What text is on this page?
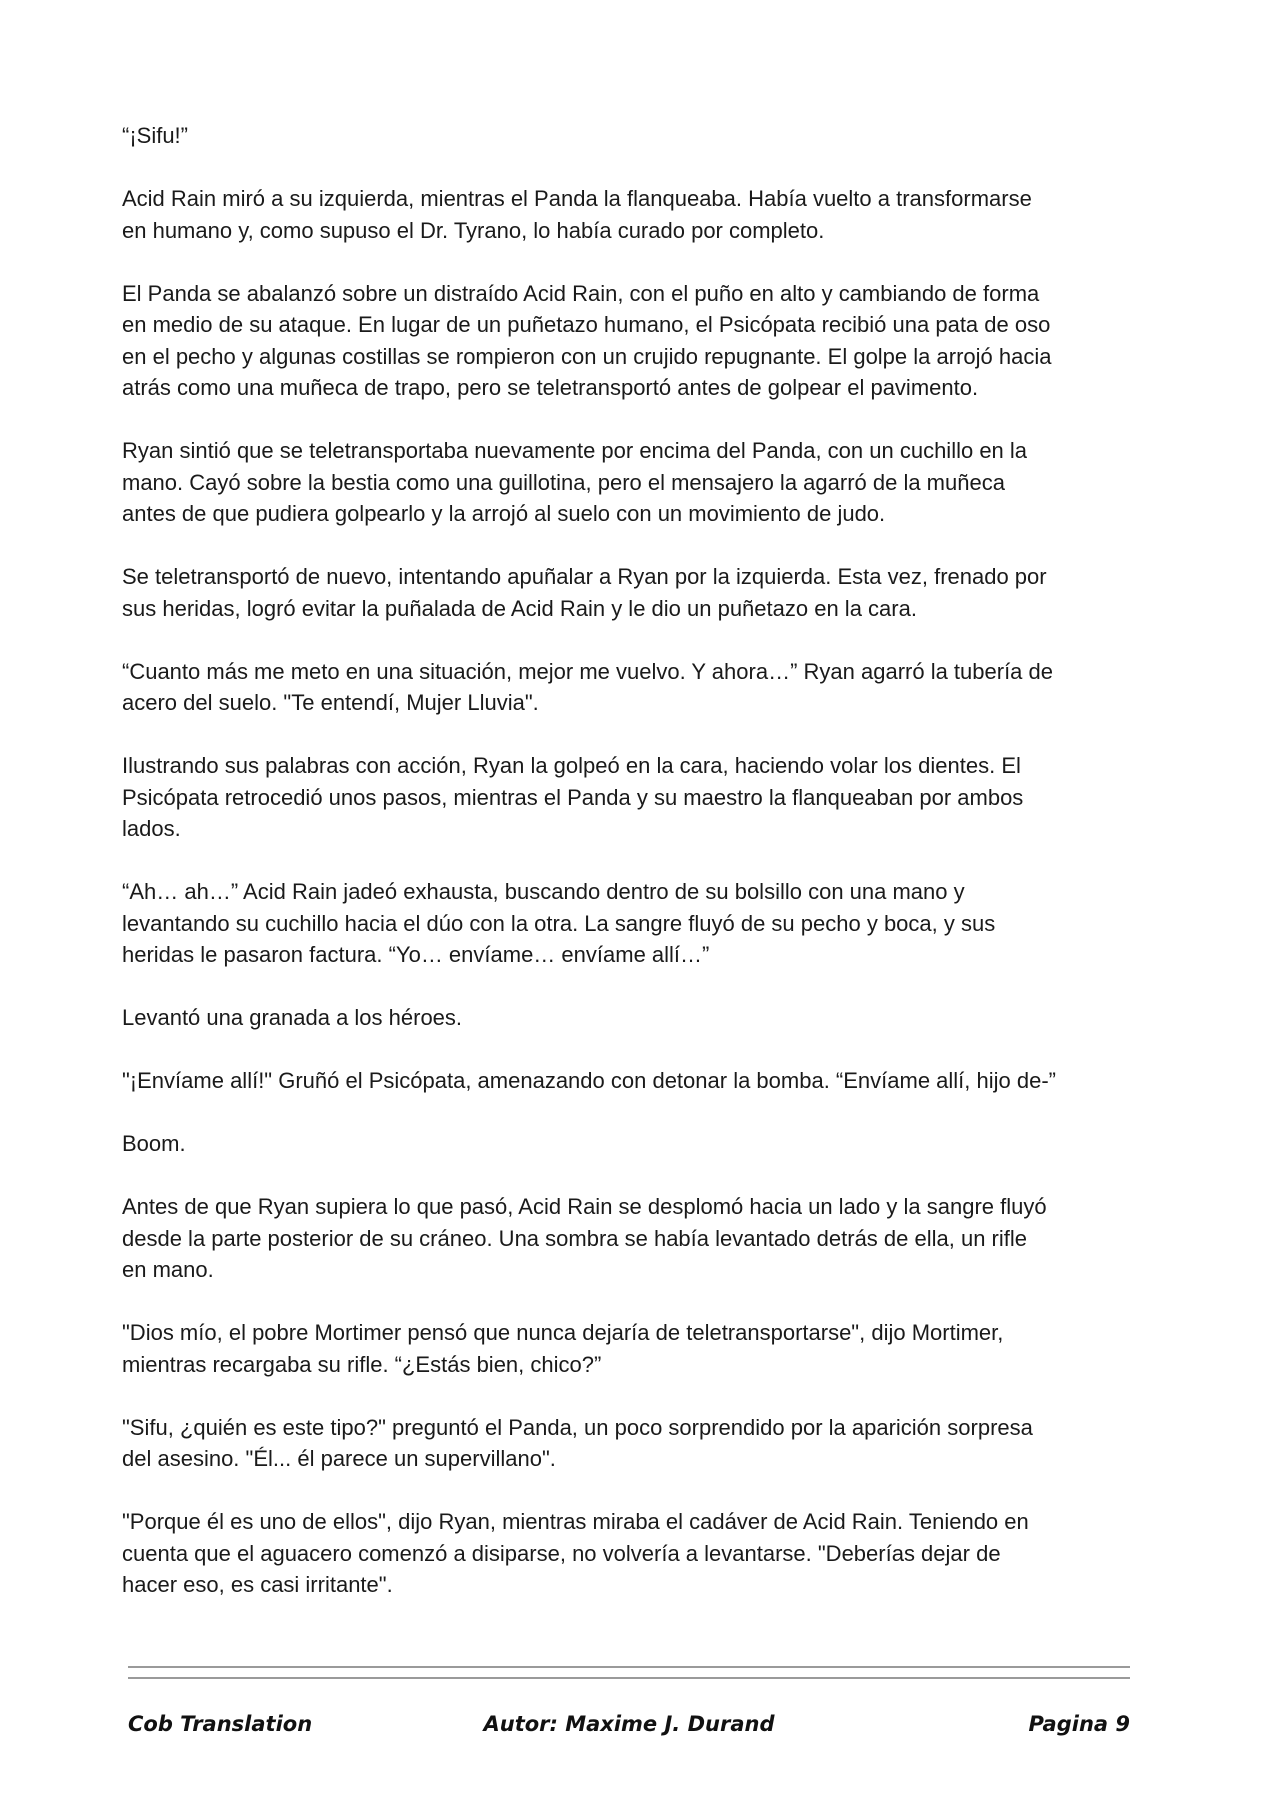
“¡Sifu!”

Acid Rain miró a su izquierda, mientras el Panda la flanqueaba. Había vuelto a transformarse
en humano y, como supuso el Dr. Tyrano, lo había curado por completo.

El Panda se abalanzó sobre un distraído Acid Rain, con el puño en alto y cambiando de forma
en medio de su ataque. En lugar de un puñetazo humano, el Psicópata recibió una pata de oso
en el pecho y algunas costillas se rompieron con un crujido repugnante. El golpe la arrojó hacia
atrás como una muñeca de trapo, pero se teletransportó antes de golpear el pavimento.

Ryan sintió que se teletransportaba nuevamente por encima del Panda, con un cuchillo en la
mano. Cayó sobre la bestia como una guillotina, pero el mensajero la agarró de la muñeca
antes de que pudiera golpearlo y la arrojó al suelo con un movimiento de judo.

Se teletransportó de nuevo, intentando apuñalar a Ryan por la izquierda. Esta vez, frenado por
sus heridas, logró evitar la puñalada de Acid Rain y le dio un puñetazo en la cara.

“Cuanto más me meto en una situación, mejor me vuelvo. Y ahora…” Ryan agarró la tubería de
acero del suelo. "Te entendí, Mujer Lluvia".

Ilustrando sus palabras con acción, Ryan la golpeó en la cara, haciendo volar los dientes. El
Psicópata retrocedió unos pasos, mientras el Panda y su maestro la flanqueaban por ambos
lados.

“Ah… ah…” Acid Rain jadeó exhausta, buscando dentro de su bolsillo con una mano y
levantando su cuchillo hacia el dúo con la otra. La sangre fluyó de su pecho y boca, y sus
heridas le pasaron factura. “Yo… envíame… envíame allí…”

Levantó una granada a los héroes.

"¡Envíame allí!" Gruñó el Psicópata, amenazando con detonar la bomba. “Envíame allí, hijo de-”

Boom.

Antes de que Ryan supiera lo que pasó, Acid Rain se desplomó hacia un lado y la sangre fluyó
desde la parte posterior de su cráneo. Una sombra se había levantado detrás de ella, un rifle
en mano.

"Dios mío, el pobre Mortimer pensó que nunca dejaría de teletransportarse", dijo Mortimer,
mientras recargaba su rifle. “¿Estás bien, chico?”

"Sifu, ¿quién es este tipo?" preguntó el Panda, un poco sorprendido por la aparición sorpresa
del asesino. "Él... él parece un supervillano".

"Porque él es uno de ellos", dijo Ryan, mientras miraba el cadáver de Acid Rain. Teniendo en
cuenta que el aguacero comenzó a disiparse, no volvería a levantarse. "Deberías dejar de
hacer eso, es casi irritante".

Cob Translation	Autor: Maxime J. Durand	Pagina 9
